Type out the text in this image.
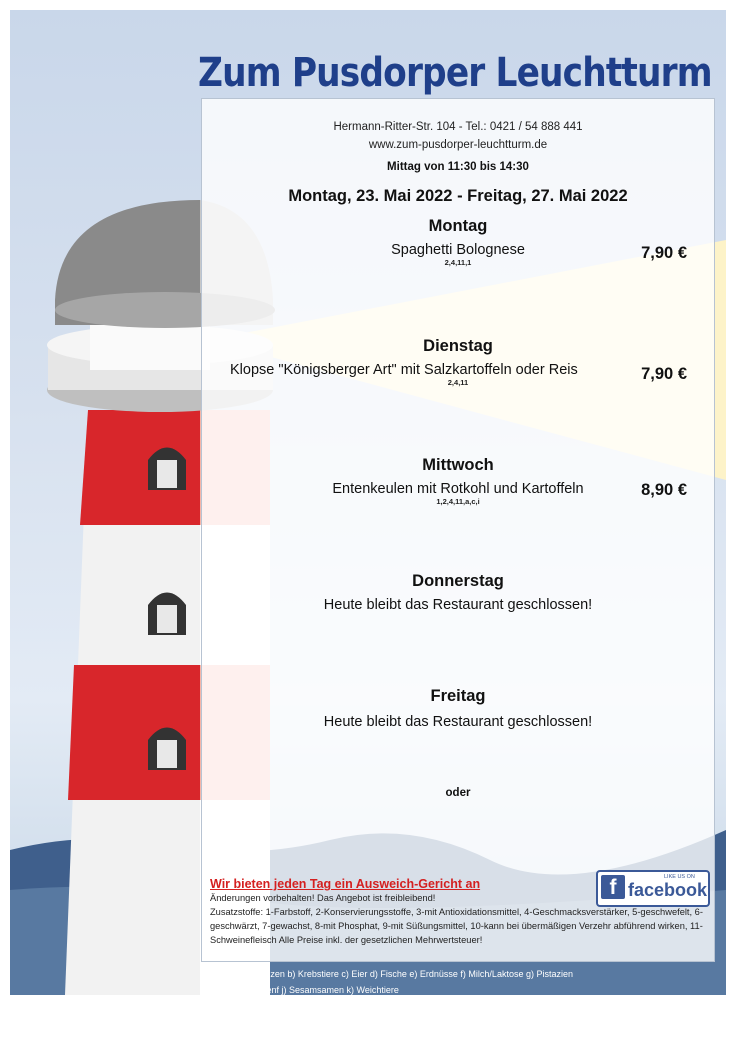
Zum Pusdorper Leuchtturm
Hermann-Ritter-Str. 104 - Tel.: 0421 / 54 888 441
www.zum-pusdorper-leuchtturm.de
Mittag von 11:30 bis 14:30
Montag, 23. Mai 2022 - Freitag, 27. Mai 2022
Montag
Spaghetti Bolognese
2,4,11,1
7,90 €
Dienstag
Klopse "Königsberger Art" mit Salzkartoffeln oder Reis
2,4,11	7,90 €
Mittwoch
Entenkeulen mit Rotkohl und Kartoffeln
1,2,4,11,a,c,i
8,90 €
Donnerstag
Heute bleibt das Restaurant geschlossen!
Freitag
Heute bleibt das Restaurant geschlossen!
oder
Wir bieten jeden Tag ein Ausweich-Gericht an
Änderungen vorbehalten! Das Angebot ist freibleibend!
Zusatzstoffe: 1-Farbstoff, 2-Konservierungsstoffe, 3-mit Antioxidationsmittel, 4-Geschmacksverstärker, 5-geschwefelt, 6-geschwärzt, 7-gewachst, 8-mit Phosphat, 9-mit Süßungsmittel, 10-kann bei übermäßigen Verzehr abführend wirken, 11-Schweinefleisch Alle Preise inkl. der gesetzlichen Mehrwertsteuer!
f	LIKE US ON
facebook
...gene: a) Weizen b) Krebstiere c) Eier d) Fische e) Erdnüsse f) Milch/Laktose g) Pistazien
...elnüsse i) Senf j) Sesamsamen k) Weichtiere
